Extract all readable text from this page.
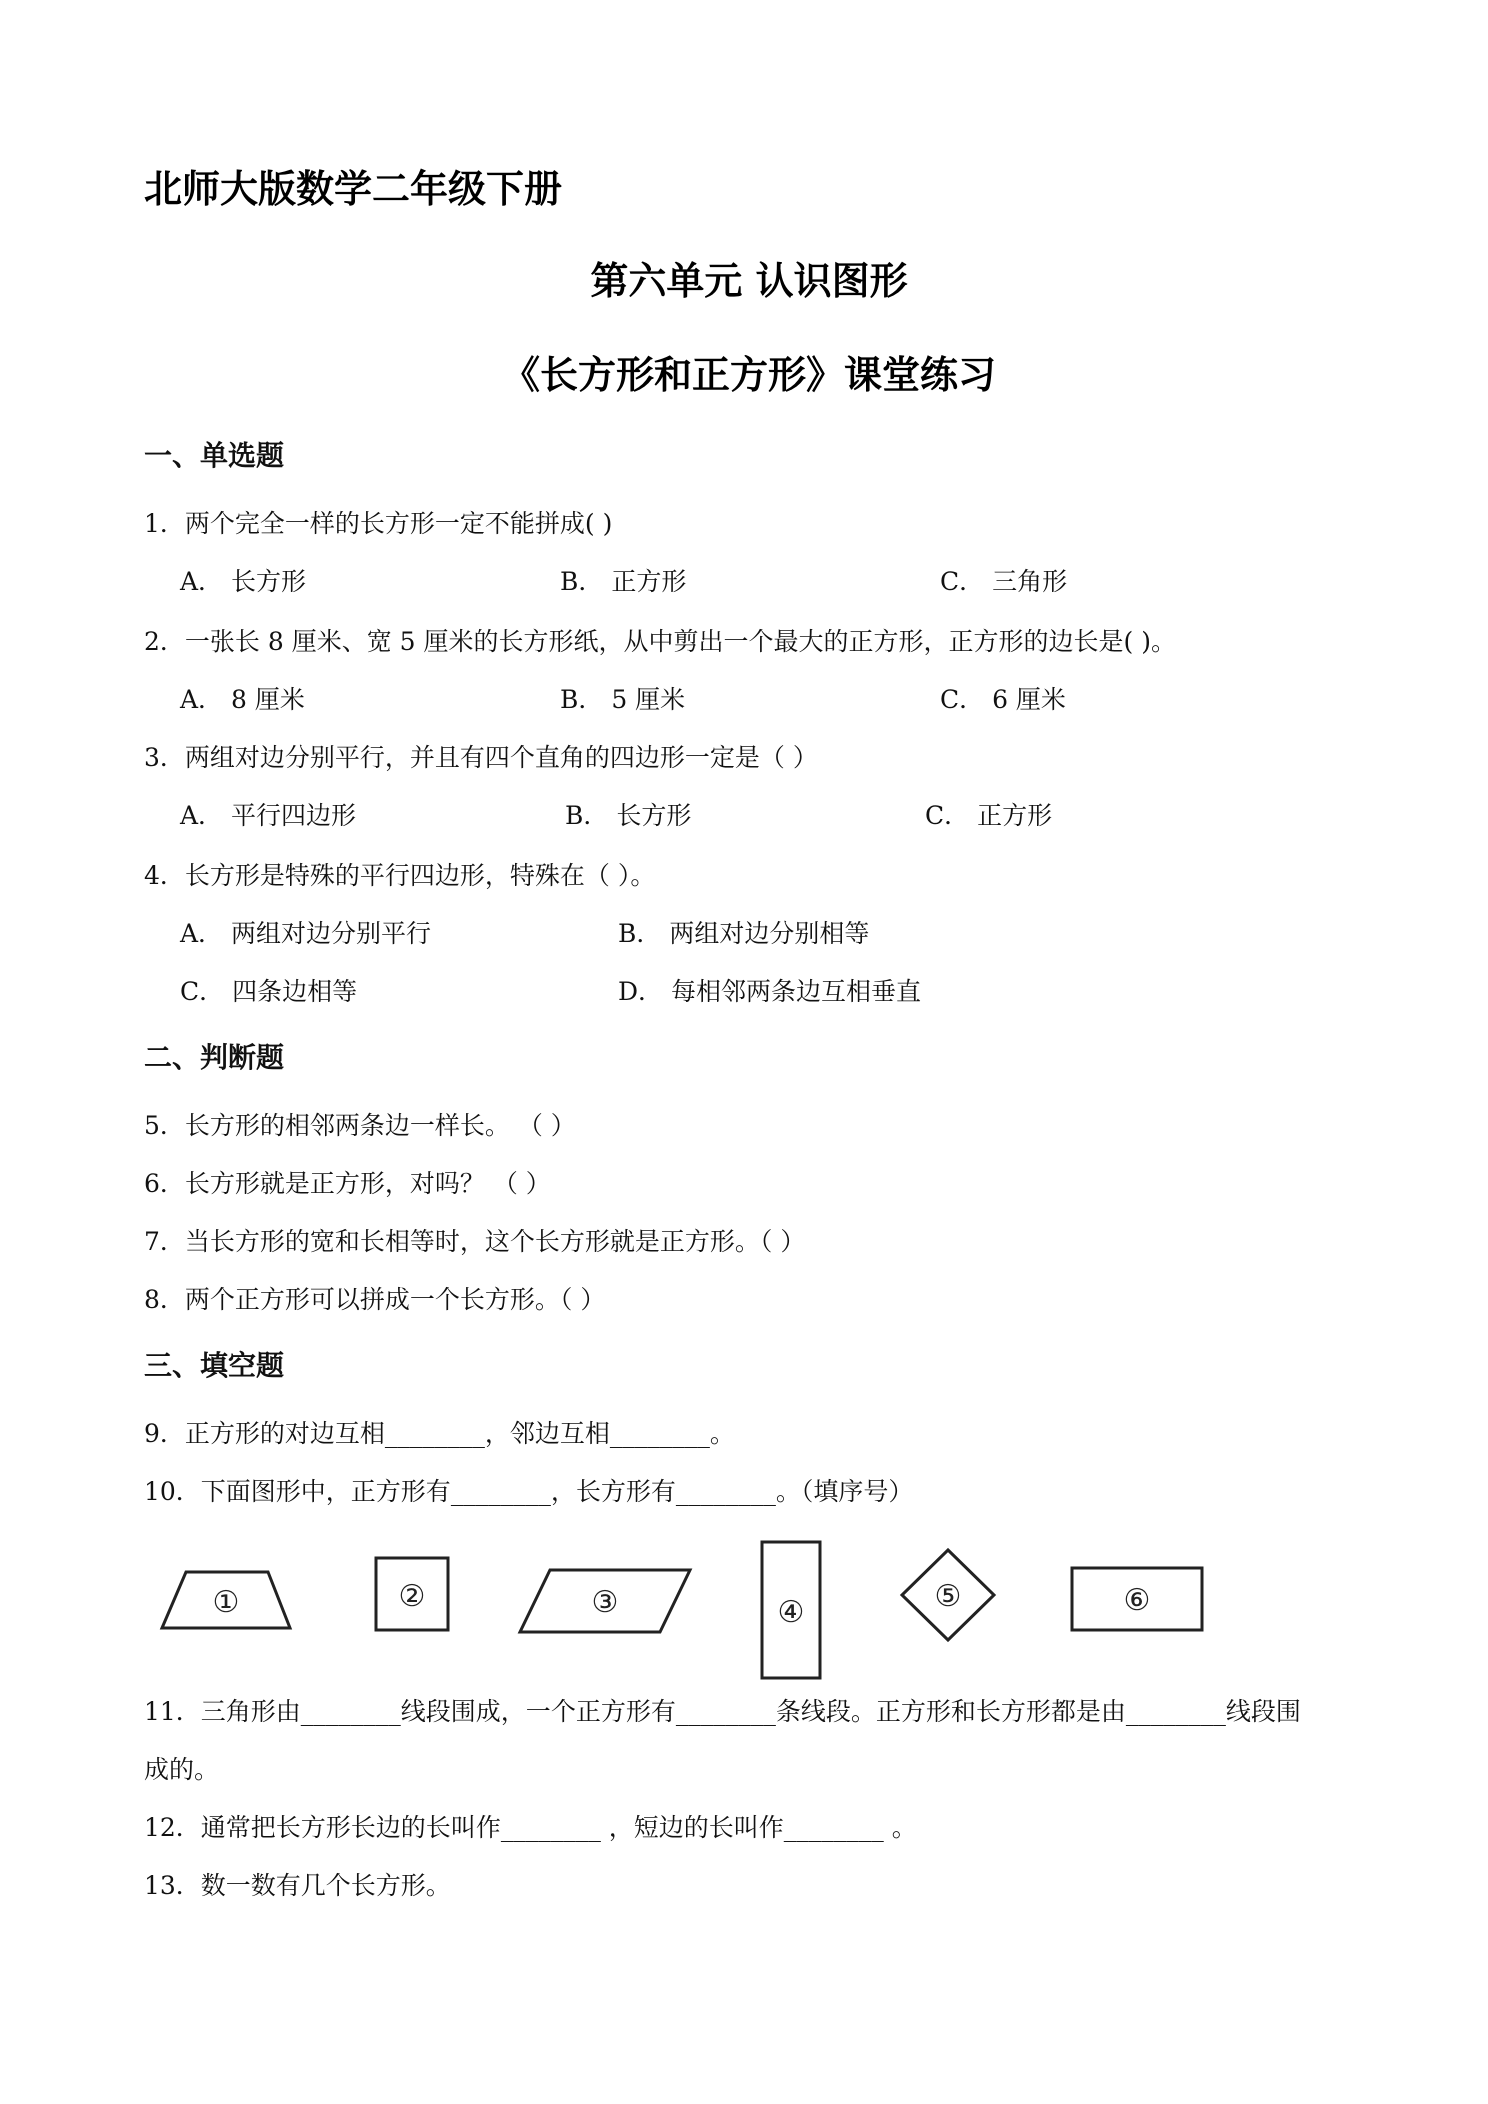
北师大版数学二年级下册
第六单元 认识图形
《长方形和正方形》课堂练习
一、单选题
1．两个完全一样的长方形一定不能拼成( )
A． 长方形	B． 正方形	C． 三角形
2．一张长 8 厘米、宽 5 厘米的长方形纸，从中剪出一个最大的正方形，正方形的边长是( )。
A． 8 厘米	B． 5 厘米	C． 6 厘米
3．两组对边分别平行，并且有四个直角的四边形一定是（ ）
A． 平行四边形	B． 长方形	C． 正方形
4．长方形是特殊的平行四边形，特殊在（ ）。
A． 两组对边分别平行	B． 两组对边分别相等
C． 四条边相等	D． 每相邻两条边互相垂直
二、判断题
5．长方形的相邻两条边一样长。 （ ）
6．长方形就是正方形，对吗？ （ ）
7．当长方形的宽和长相等时，这个长方形就是正方形。（ ）
8．两个正方形可以拼成一个长方形。（ ）
三、填空题
9．正方形的对边互相________，邻边互相________。
10．下面图形中，正方形有________，长方形有________。（填序号）
①	②	③	④	⑤	⑥
11．三角形由________线段围成，一个正方形有________条线段。正方形和长方形都是由________线段围
成的。
12．通常把长方形长边的长叫作________ ，短边的长叫作________ 。
13．数一数有几个长方形。
